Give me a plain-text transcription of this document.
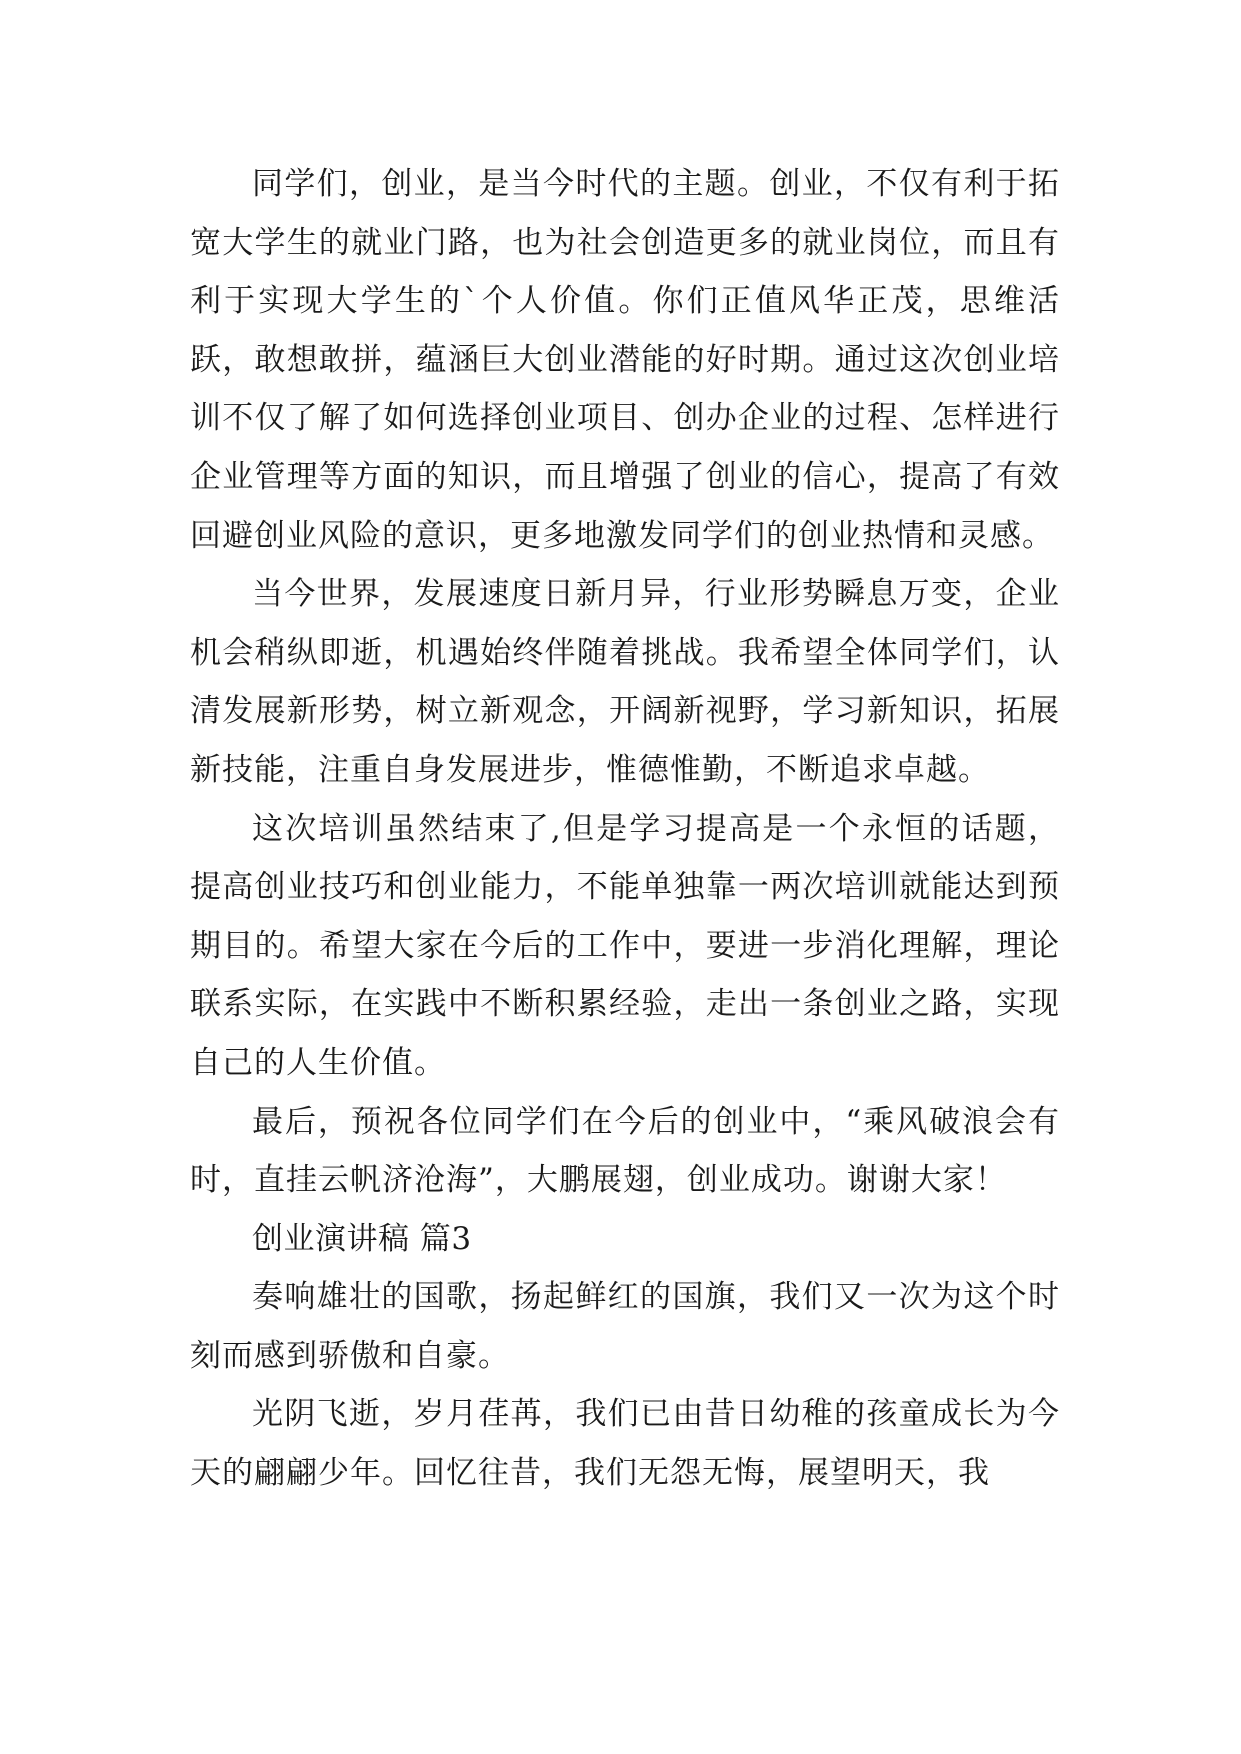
同学们，创业，是当今时代的主题。创业，不仅有利于拓宽大学生的就业门路，也为社会创造更多的就业岗位，而且有利于实现大学生的`个人价值。你们正值风华正茂，思维活跃，敢想敢拼，蕴涵巨大创业潜能的好时期。通过这次创业培训不仅了解了如何选择创业项目、创办企业的过程、怎样进行企业管理等方面的知识，而且增强了创业的信心，提高了有效回避创业风险的意识，更多地激发同学们的创业热情和灵感。

当今世界，发展速度日新月异，行业形势瞬息万变，企业机会稍纵即逝，机遇始终伴随着挑战。我希望全体同学们，认清发展新形势，树立新观念，开阔新视野，学习新知识，拓展新技能，注重自身发展进步，惟德惟勤，不断追求卓越。

这次培训虽然结束了,但是学习提高是一个永恒的话题，提高创业技巧和创业能力，不能单独靠一两次培训就能达到预期目的。希望大家在今后的工作中，要进一步消化理解，理论联系实际，在实践中不断积累经验，走出一条创业之路，实现自己的人生价值。

最后，预祝各位同学们在今后的创业中，“乘风破浪会有时，直挂云帆济沧海”，大鹏展翅，创业成功。谢谢大家！

创业演讲稿 篇3

奏响雄壮的国歌，扬起鲜红的国旗，我们又一次为这个时刻而感到骄傲和自豪。

光阴飞逝，岁月荏苒，我们已由昔日幼稚的孩童成长为今天的翩翩少年。回忆往昔，我们无怨无悔，展望明天，我
